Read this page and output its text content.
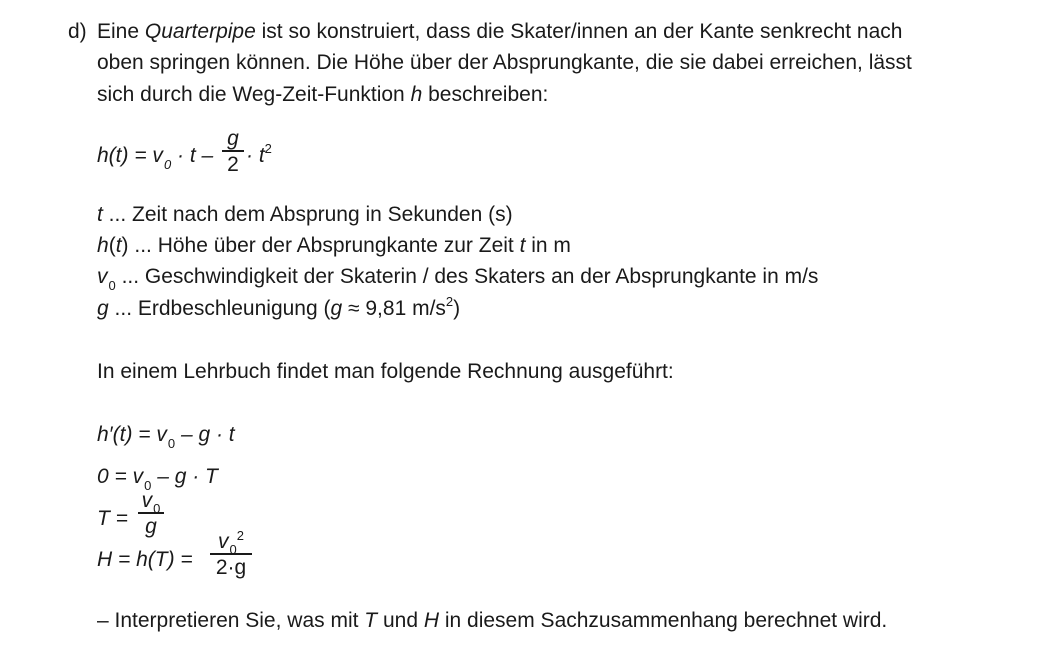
d) Eine Quarterpipe ist so konstruiert, dass die Skater/innen an der Kante senkrecht nach
oben springen können. Die Höhe über der Absprungkante, die sie dabei erreichen, lässt
sich durch die Weg-Zeit-Funktion h beschreiben:
$h(t) = v_0 \cdot t$ –
g
$2 \cdot t^2$
t ... Zeit nach dem Absprung in Sekunden (s)
h(t) ... Höhe über der Absprungkante zur Zeit t in m
$v_0$ ... Geschwindigkeit der Skaterin / des Skaters an der Absprungkante in m/s
g ... Erdbeschleunigung (g ≈ 9,81 $m/s^2$)
In einem Lehrbuch findet man folgende Rechnung ausgeführt:
$h'(t) = v_0 - g \cdot t$
$0 = v_0 - g \cdot T$
T =
$v_0$
g
H = h(T) =
$v_0^2$
2·g
– Interpretieren Sie, was mit T und H in diesem Sachzusammenhang berechnet wird.
